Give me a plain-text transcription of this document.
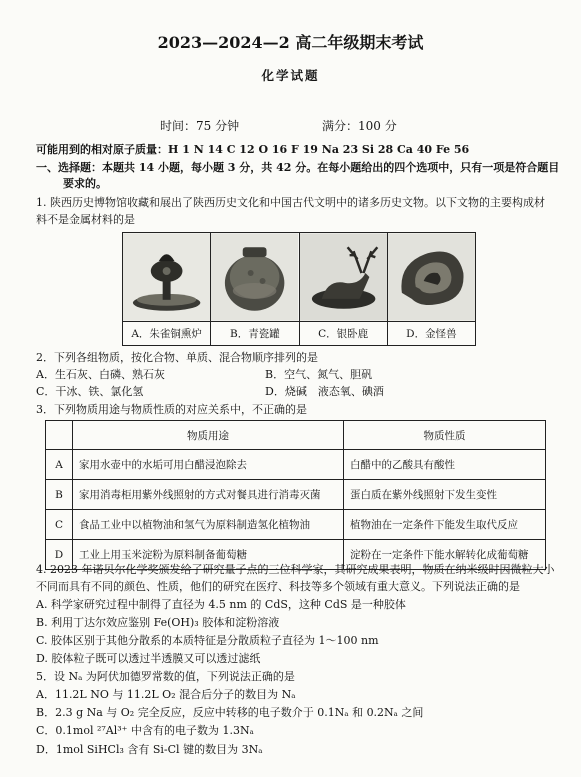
2023—2024—2 高二年级期末考试
化学试题
时间：75 分钟	满分：100 分
可能用到的相对原子质量：H 1 N 14 C 12 O 16 F 19 Na 23 Si 28 Ca 40 Fe 56
一、选择题：本题共 14 小题，每小题 3 分，共 42 分。在每小题给出的四个选项中，只有一项是符合题目
要求的。
1. 陕西历史博物馆收藏和展出了陕西历史文化和中国古代文明中的诸多历史文物。以下文物的主要构成材
料不是金属材料的是
A．朱雀铜熏炉	B．青瓷罐	C．银卧鹿	D．金怪兽
2．下列各组物质，按化合物、单质、混合物顺序排列的是
A．生石灰、白磷、熟石灰	B．空气、氮气、胆矾
C．干冰、铁、氯化氢	D．烧碱　液态氧、碘酒
3．下列物质用途与物质性质的对应关系中，不正确的是
	物质用途	物质性质
A	家用水壶中的水垢可用白醋浸泡除去	白醋中的乙酸具有酸性
B	家用消毒柜用紫外线照射的方式对餐具进行消毒灭菌	蛋白质在紫外线照射下发生变性
C	食品工业中以植物油和氢气为原料制造氢化植物油	植物油在一定条件下能发生取代反应
D	工业上用玉米淀粉为原料制备葡萄糖	淀粉在一定条件下能水解转化成葡萄糖
4. 2023 年诺贝尔化学奖颁发给了研究量子点的三位科学家，其研究成果表明，物质在纳米级时因微粒大小
不同而具有不同的颜色、性质，他们的研究在医疗、科技等多个领域有重大意义。下列说法正确的是
A. 科学家研究过程中制得了直径为 4.5 nm 的 CdS，这种 CdS 是一种胶体
B. 利用丁达尔效应鉴别 Fe(OH)₃ 胶体和淀粉溶液
C. 胶体区别于其他分散系的本质特征是分散质粒子直径为 1～100 nm
D. 胶体粒子既可以透过半透膜又可以透过滤纸
5．设 Nₐ 为阿伏加德罗常数的值，下列说法正确的是
A．11.2L NO 与 11.2L O₂ 混合后分子的数目为 Nₐ
B．2.3 g Na 与 O₂ 完全反应，反应中转移的电子数介于 0.1Nₐ 和 0.2Nₐ 之间
C．0.1mol ²⁷Al³⁺ 中含有的电子数为 1.3Nₐ
D．1mol SiHCl₃ 含有 Si-Cl 键的数目为 3Nₐ
